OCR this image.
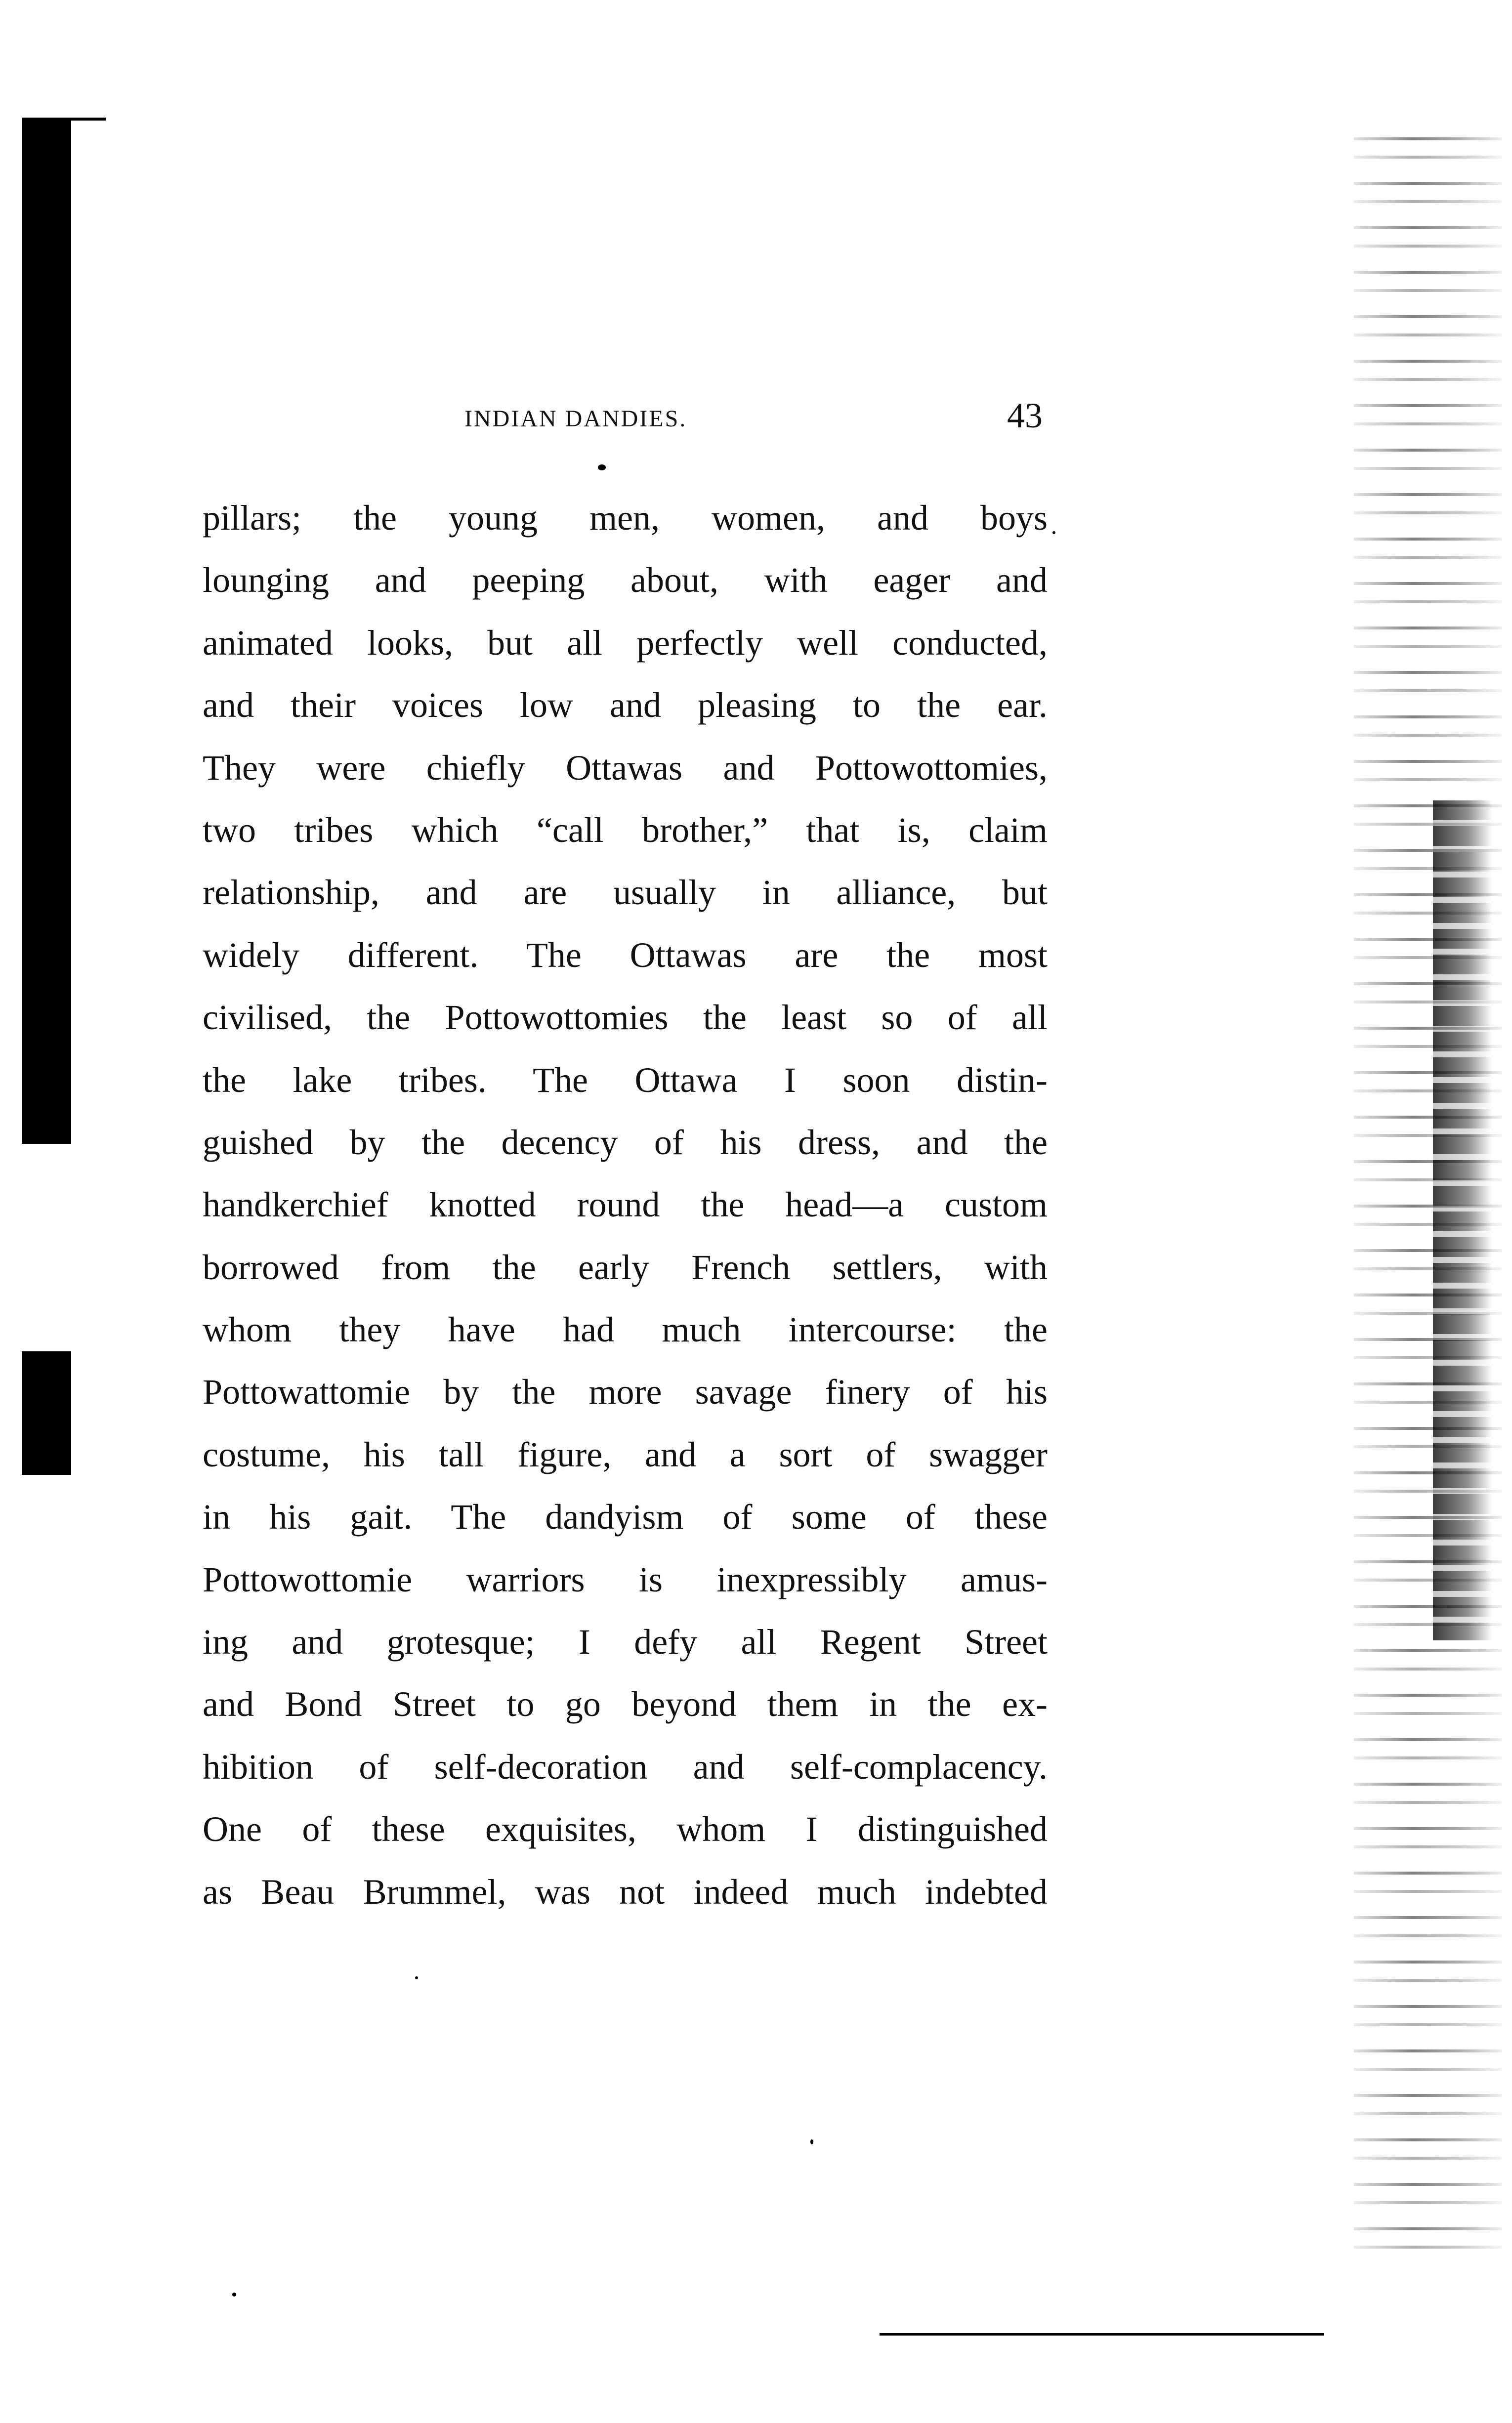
INDIAN DANDIES.	43
pillars; the young men, women, and boys
lounging and peeping about, with eager and
animated looks, but all perfectly well conducted,
and their voices low and pleasing to the ear.
They were chiefly Ottawas and Pottowottomies,
two tribes which “call brother,” that is, claim
relationship, and are usually in alliance, but
widely different. The Ottawas are the most
civilised, the Pottowottomies the least so of all
the lake tribes. The Ottawa I soon distin-
guished by the decency of his dress, and the
handkerchief knotted round the head—a custom
borrowed from the early French settlers, with
whom they have had much intercourse: the
Pottowattomie by the more savage finery of his
costume, his tall figure, and a sort of swagger
in his gait. The dandyism of some of these
Pottowottomie warriors is inexpressibly amus-
ing and grotesque; I defy all Regent Street
and Bond Street to go beyond them in the ex-
hibition of self-decoration and self-complacency.
One of these exquisites, whom I distinguished
as Beau Brummel, was not indeed much indebted
